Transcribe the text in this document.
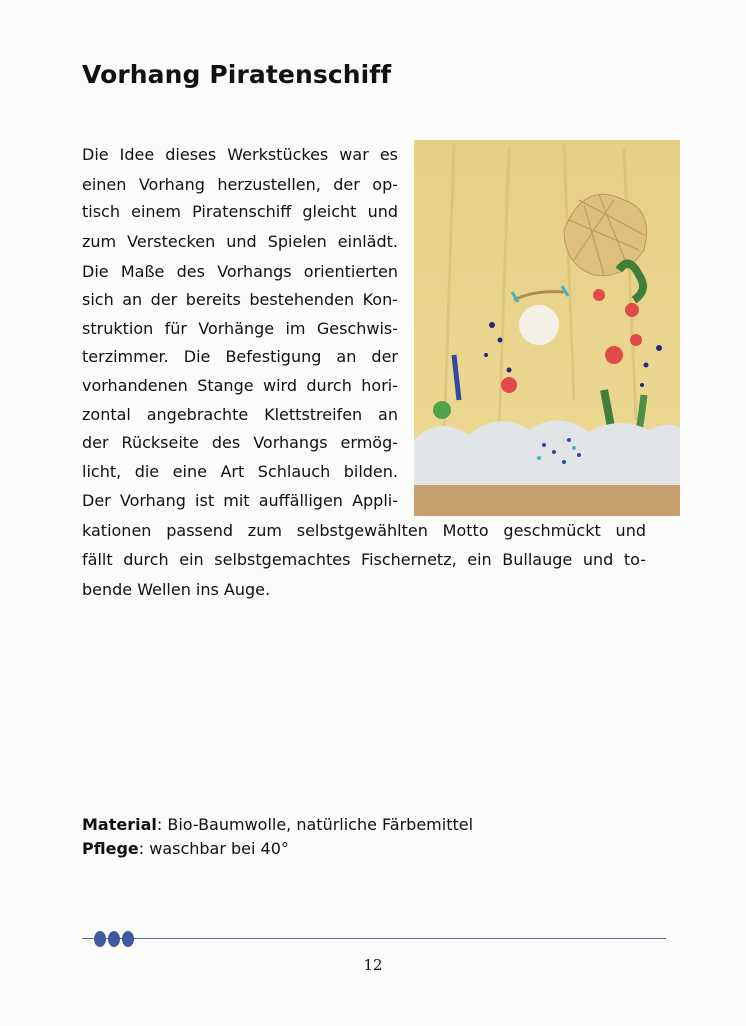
Vorhang Piratenschiff
Die Idee dieses Werkstückes war es
einen Vorhang herzustellen, der op-
tisch einem Piratenschiff gleicht und
zum Verstecken und Spielen einlädt.
Die Maße des Vorhangs orientierten
sich an der bereits bestehenden Kon-
struktion für Vorhänge im Geschwis-
terzimmer. Die Befestigung an der
vorhandenen Stange wird durch hori-
zontal angebrachte Klettstreifen an
der Rückseite des Vorhangs ermög-
licht, die eine Art Schlauch bilden.
Der Vorhang ist mit auffälligen Appli-
kationen passend zum selbstgewählten Motto geschmückt und
fällt durch ein selbstgemachtes Fischernetz, ein Bullauge und to-
bende Wellen ins Auge.
Material: Bio-Baumwolle, natürliche Färbemittel
Pflege: waschbar bei 40°
12
